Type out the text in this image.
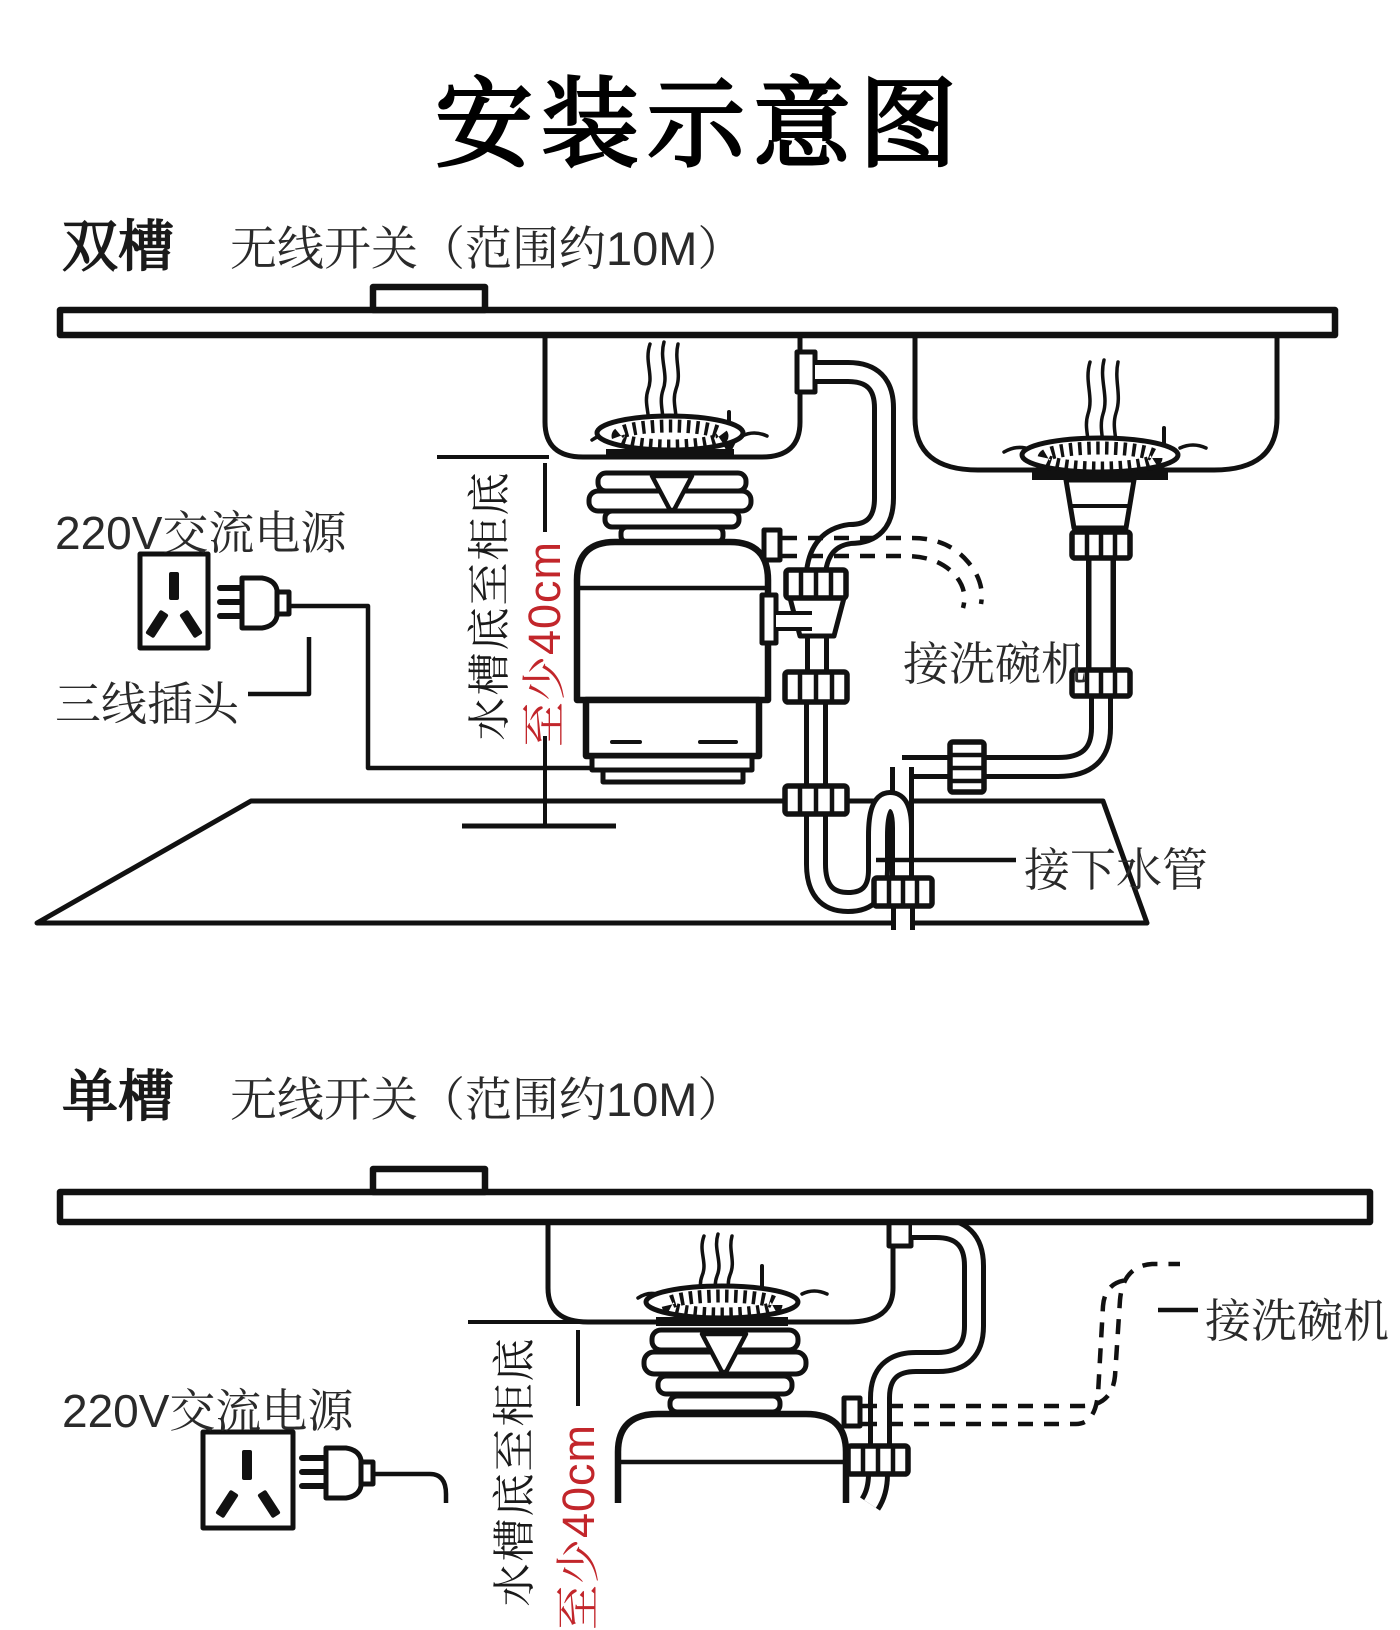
安装示意图
双槽 无线开关（范围约10M）
220V交流电源
三线插头
接洗碗机
接下水管
水槽底至柜底 至少40cm
单槽 无线开关（范围约10M）
220V交流电源
接洗碗机
水槽底至柜底 至少40cm
